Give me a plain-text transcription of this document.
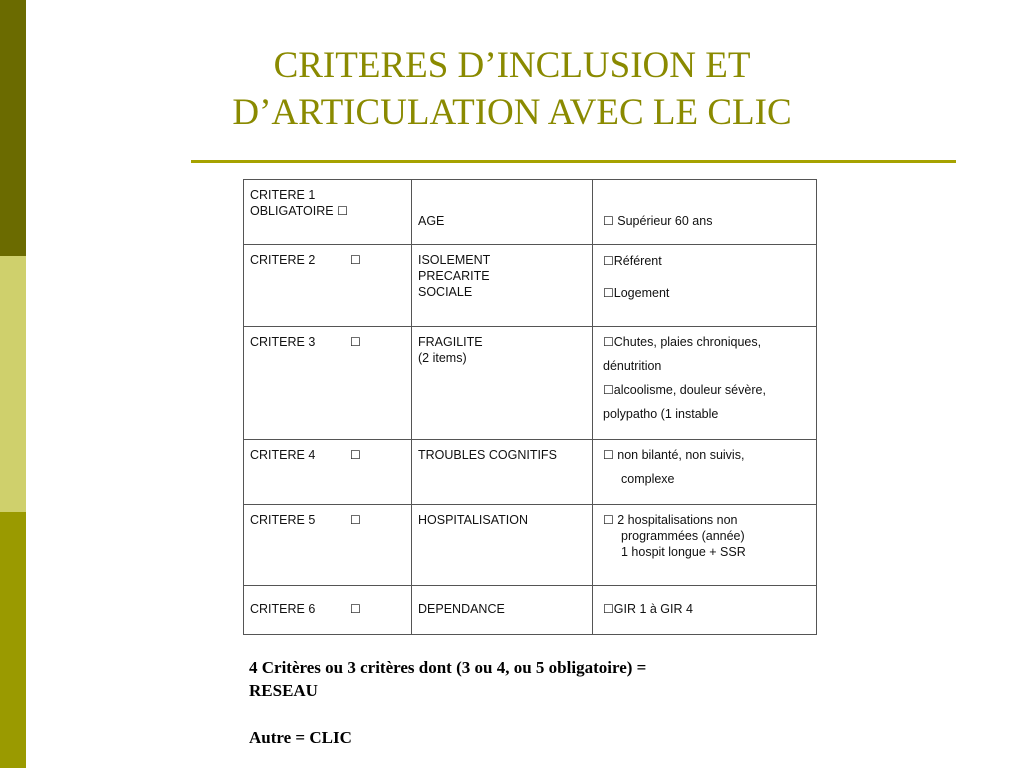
CRITERES D’INCLUSION ET
D’ARTICULATION AVEC LE CLIC
CRITERE 1
OBLIGATOIRE ☐	AGE	☐ Supérieur 60 ans
CRITERE 2 ☐	ISOLEMENT
PRECARITE
SOCIALE	☐Référent
☐Logement

CRITERE 3 ☐	FRAGILITE
(2 items)	☐Chutes, plaies chroniques,
dénutrition
☐alcoolisme, douleur sévère,
polypatho (1 instable

CRITERE 4 ☐	TROUBLES COGNITIFS	☐ non bilanté, non suivis,
complexe

CRITERE 5 ☐	HOSPITALISATION	☐ 2 hospitalisations non
programmées (année)
1 hospit longue + SSR

CRITERE 6 ☐	DEPENDANCE	☐GIR 1 à GIR 4
4 Critères ou 3 critères dont (3 ou 4, ou 5 obligatoire) =
RESEAU
Autre = CLIC
